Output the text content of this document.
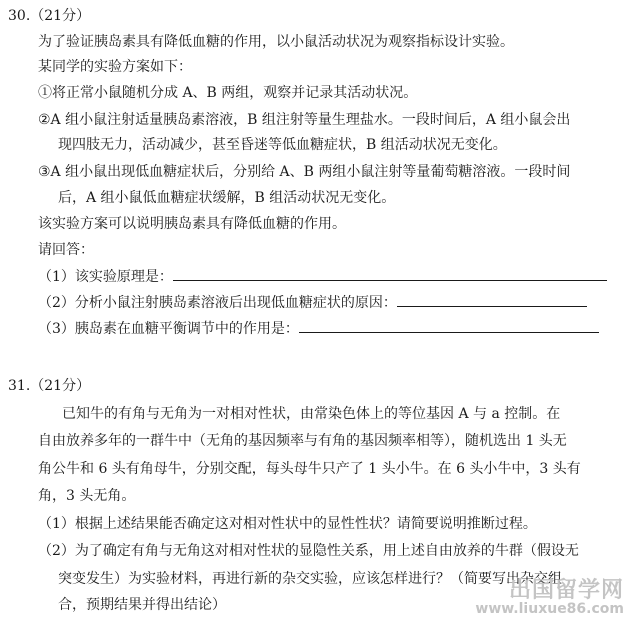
30.（21分）
为了验证胰岛素具有降低血糖的作用，以小鼠活动状况为观察指标设计实验。
某同学的实验方案如下：
①将正常小鼠随机分成 A、B 两组，观察并记录其活动状况。
②A 组小鼠注射适量胰岛素溶液，B 组注射等量生理盐水。一段时间后，A 组小鼠会出
现四肢无力，活动减少，甚至昏迷等低血糖症状，B 组活动状况无变化。
③A 组小鼠出现低血糖症状后，分别给 A、B 两组小鼠注射等量葡萄糖溶液。一段时间
后，A 组小鼠低血糖症状缓解，B 组活动状况无变化。
该实验方案可以说明胰岛素具有降低血糖的作用。
请回答：
（1）该实验原理是：
（2）分析小鼠注射胰岛素溶液后出现低血糖症状的原因：
（3）胰岛素在血糖平衡调节中的作用是：
31.（21分）
已知牛的有角与无角为一对相对性状，由常染色体上的等位基因 A 与 a 控制。在
自由放养多年的一群牛中（无角的基因频率与有角的基因频率相等），随机选出 1 头无
角公牛和 6 头有角母牛，分别交配，每头母牛只产了 1 头小牛。在 6 头小牛中，3 头有
角，3 头无角。
（1）根据上述结果能否确定这对相对性状中的显性性状？请简要说明推断过程。
（2）为了确定有角与无角这对相对性状的显隐性关系，用上述自由放养的牛群（假设无
突变发生）为实验材料，再进行新的杂交实验，应该怎样进行？（简要写出杂交组
合，预期结果并得出结论）
出国留学网
www.liuxue86.com
